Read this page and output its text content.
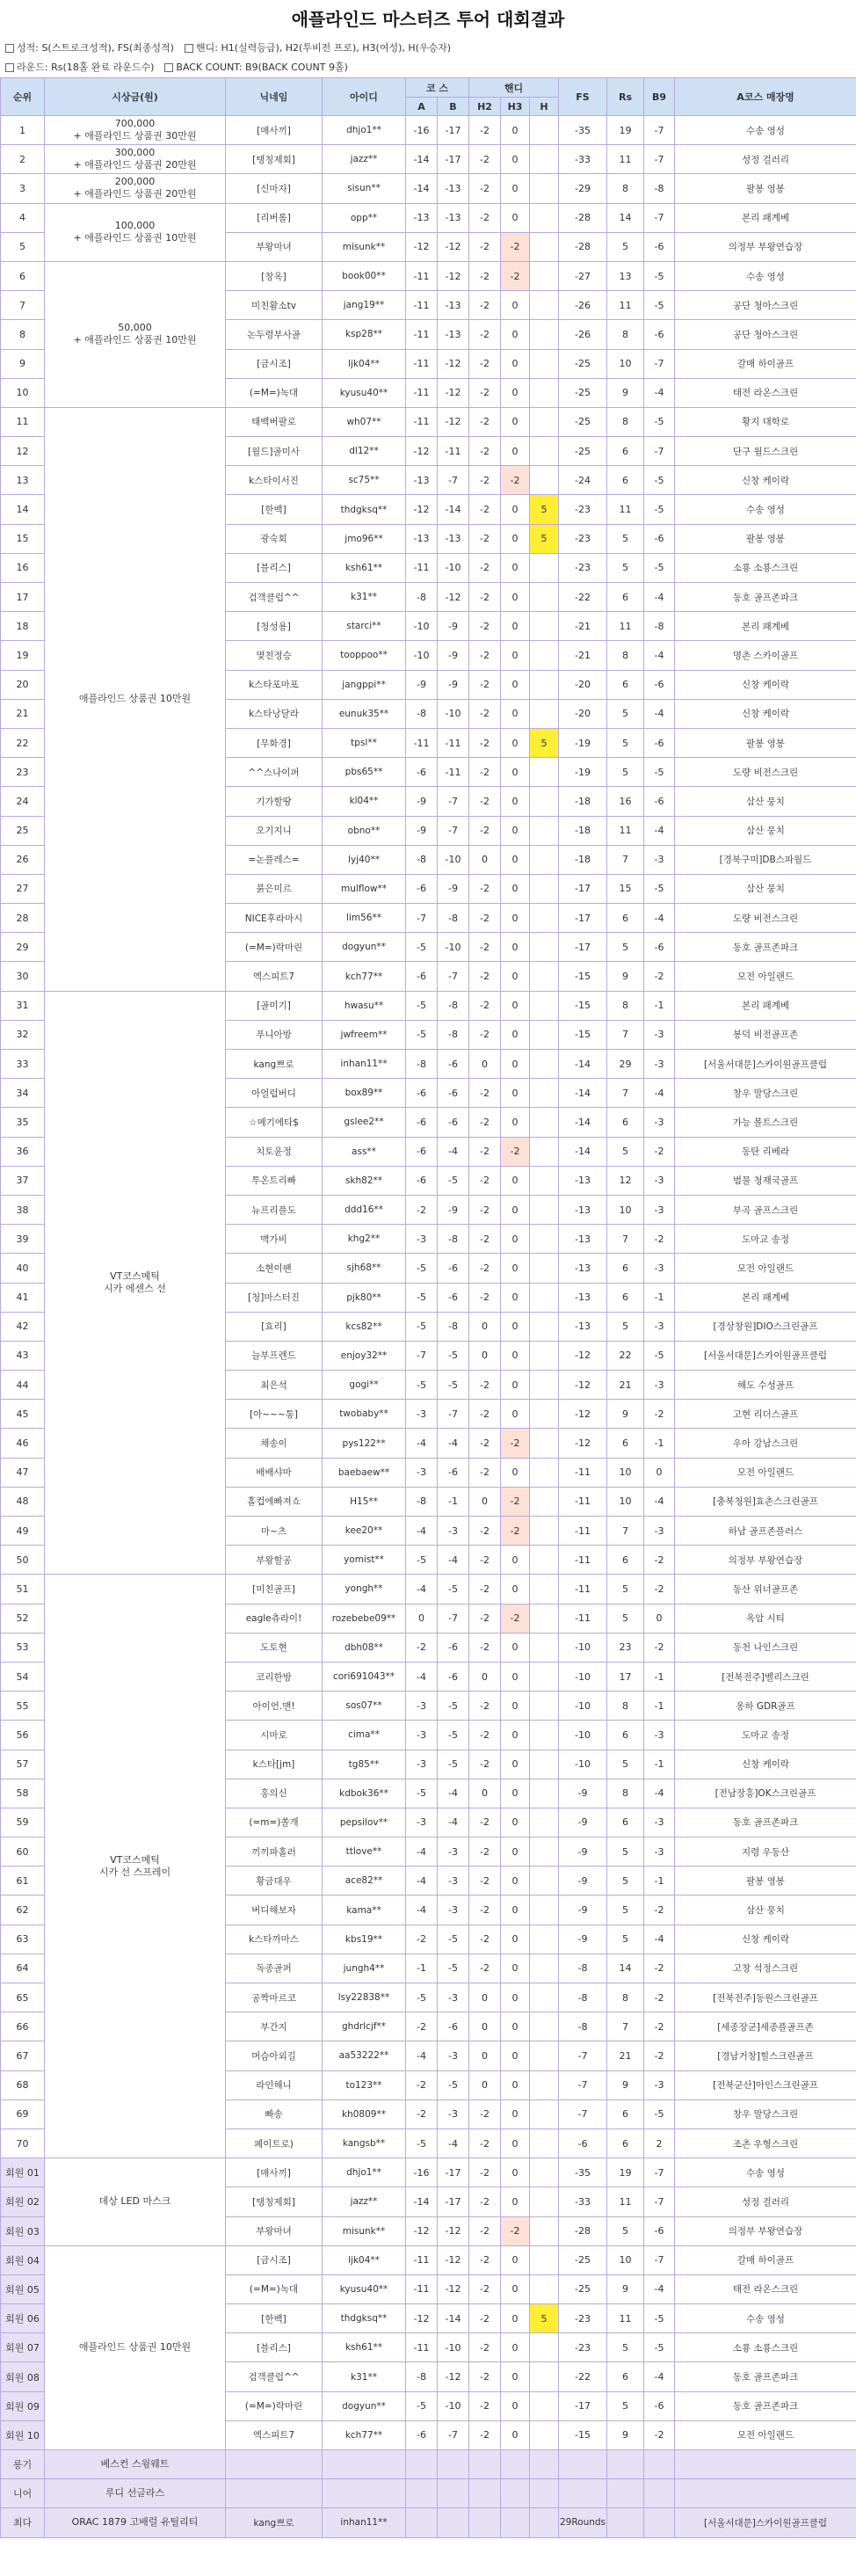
애플라인드 마스터즈 투어 대회결과
성적: S(스트로크성적), FS(최종성적) 핸디: H1(실력등급), H2(투비전 프로), H3(여성), H(우승자)
라운드: Rs(18홀 완료 라운드수) BACK COUNT: B9(BACK COUNT 9홀)
순위	시상금(원)	닉네임	아이디	코 스		핸디			FS	Rs	B9	A코스 매장명
				A	B	H2	H3	H				
1	700,000
+ 애플라인드 상품권 30만원	[매사끼]	dhjo1**	-16	-17	-2	0		-35	19	-7	수송 영성
2	300,000
+ 애플라인드 상품권 20만원	[탱칭제회]	jazz**	-14	-17	-2	0		-33	11	-7	성정 걸러리
3	200,000
+ 애플라인드 상품권 20만원	[신마자]	sisun**	-14	-13	-2	0		-29	8	-8	팔봉 영봉
4	100,000
+ 애플라인드 상품권 10만원	[리버롤]	opp**	-13	-13	-2	0		-28	14	-7	본리 패계베
5		부왕마녀	misunk**	-12	-12	-2	-2		-28	5	-6	의정부 부왕연습장
6	50,000
+ 애플라인드 상품권 10만원	[창옥]	book00**	-11	-12	-2	-2		-27	13	-5	수송 영성
7		미친활소tv	jang19**	-11	-13	-2	0		-26	11	-5	공단 청아스크린
8		논두렁부사골	ksp28**	-11	-13	-2	0		-26	8	-6	공단 청아스크린
9		[금시조]	ljk04**	-11	-12	-2	0		-25	10	-7	갈매 하이골프
10		(=M=)녹대	kyusu40**	-11	-12	-2	0		-25	9	-4	태전 라온스크린
11	애플라인드 상품권 10만원	태백버팔로	wh07**	-11	-12	-2	0		-25	8	-5	황지 대학로
12		[월드]골미사	dl12**	-12	-11	-2	0		-25	6	-7	단구 월드스크린
13		k스타이서진	sc75**	-13	-7	-2	-2		-24	6	-5	신창 케이락
14		[한백]	thdgksq**	-12	-14	-2	0	5	-23	11	-5	수송 영성
15		광숙회	jmo96**	-13	-13	-2	0	5	-23	5	-6	팔봉 영봉
16		[블리스]	ksh61**	-11	-10	-2	0		-23	5	-5	소룡 소룡스크린
17		검객클럽^^	k31**	-8	-12	-2	0		-22	6	-4	동호 골프존파크
18		[청성용]	starci**	-10	-9	-2	0		-21	11	-8	본리 패계베
19		몇친정승	tooppoo**	-10	-9	-2	0		-21	8	-4	명촌 스카이골프
20		k스타포마포	jangppi**	-9	-9	-2	0		-20	6	-6	신창 케이락
21		k스타낭달라	eunuk35**	-8	-10	-2	0		-20	5	-4	신창 케이락
22		[무화경]	tpsl**	-11	-11	-2	0	5	-19	5	-6	팔봉 영봉
23		^^스나이퍼	pbs65**	-6	-11	-2	0		-19	5	-5	도량 비전스크린
24		기가할땅	kl04**	-9	-7	-2	0		-18	16	-6	삼산 뭉치
25		오기지니	obno**	-9	-7	-2	0		-18	11	-4	삼산 뭉치
26		=논플레스=	lyj40**	-8	-10	0	0		-18	7	-3	[경북구미]DB스파월드
27		붉은미르	mulflow**	-6	-9	-2	0		-17	15	-5	삼산 뭉치
28		NICE후라마시	lim56**	-7	-8	-2	0		-17	6	-4	도량 비전스크린
29		(=M=)락마린	dogyun**	-5	-10	-2	0		-17	5	-6	동호 골프존파크
30		엑스피트7	kch77**	-6	-7	-2	0		-15	9	-2	모전 아일랜드
31	VT코스메틱
시카 에센스 선	[골미기]	hwasu**	-5	-8	-2	0		-15	8	-1	본리 패계베
32		푸니아방	jwfreem**	-5	-8	-2	0		-15	7	-3	봉덕 비전골프존
33		kang쁘로	inhan11**	-8	-6	0	0		-14	29	-3	[서울서대문]스카이원골프클럽
34		아얼럽버디	box89**	-6	-6	-2	0		-14	7	-4	창우 말당스크린
35		☆메기에타$	gslee2**	-6	-6	-2	0		-14	6	-3	가능 볼트스크린
36		치토윤정	ass**	-6	-4	-2	-2		-14	5	-2	동탄 리베라
37		투온트리빠	skh82**	-6	-5	-2	0		-13	12	-3	범물 청재국골프
38		뉴프리플도	ddd16**	-2	-9	-2	0		-13	10	-3	부곡 골프스크린
39		맥가비	khg2**	-3	-8	-2	0		-13	7	-2	도마교 송정
40		소현이팬	sjh68**	-5	-6	-2	0		-13	6	-3	모전 아일랜드
41		[청]마스터진	pjk80**	-5	-6	-2	0		-13	6	-1	본리 패계베
42		[효리]	kcs82**	-5	-8	0	0		-13	5	-3	[경상창원]DIO스크린골프
43		늘부프렌드	enjoy32**	-7	-5	0	0		-12	22	-5	[서울서대문]스카이원골프클럽
44		최은석	gogi**	-5	-5	-2	0		-12	21	-3	해도 수성골프
45		[아~~~통]	twobaby**	-3	-7	-2	0		-12	9	-2	고현 리더스골프
46		채송이	pys122**	-4	-4	-2	-2		-12	6	-1	우아 강남스크린
47		배배샤마	baebaew**	-3	-6	-2	0		-11	10	0	모전 아일랜드
48		홀컵에빠져쇼	H15**	-8	-1	0	-2		-11	10	-4	[충북청원]효촌스크린골프
49		마~츠	kee20**	-4	-3	-2	-2		-11	7	-3	하남 골프존플러스
50		부왕할공	yomist**	-5	-4	-2	0		-11	6	-2	의정부 부왕연습장
51	VT코스메틱
시카 선 스프레이	[미친골프]	yongh**	-4	-5	-2	0		-11	5	-2	동산 위너골프존
52		eagle츄라이!	rozebebe09**	0	-7	-2	-2		-11	5	0	옥암 시티
53		도토현	dbh08**	-2	-6	-2	0		-10	23	-2	동천 나인스크린
54		코리한방	cori691043**	-4	-6	0	0		-10	17	-1	[전북전주]벨리스크린
55		아이언.맨!	sos07**	-3	-5	-2	0		-10	8	-1	옹하 GDR골프
56		시마로	cima**	-3	-5	-2	0		-10	6	-3	도마교 송정
57		k스타[jm]	tg85**	-3	-5	-2	0		-10	5	-1	신창 케이락
58		홍의신	kdbok36**	-5	-4	0	0		-9	8	-4	[전남장흥]OK스크린골프
59		(=m=)쏠개	pepsilov**	-3	-4	-2	0		-9	6	-3	동호 골프존파크
60		끼끼파홀러	ttlove**	-4	-3	-2	0		-9	5	-3	지령 우동산
61		황금대우	ace82**	-4	-3	-2	0		-9	5	-1	팔봉 영봉
62		버디해보자	kama**	-4	-3	-2	0		-9	5	-2	삼산 뭉치
63		k스타까마스	kbs19**	-2	-5	-2	0		-9	5	-4	신창 케이락
64		독종골퍼	jungh4**	-1	-5	-2	0		-8	14	-2	고창 석정스크린
65		공짝마르코	lsy22838**	-5	-3	0	0		-8	8	-2	[전북전주]동원스크린골프
66		부간지	ghdrlcjf**	-2	-6	0	0		-8	7	-2	[세종장군]세종플골프존
67		머슴아외길	aa53222**	-4	-3	0	0		-7	21	-2	[경남거창]힐스크린골프
68		라인해니	to123**	-2	-5	0	0		-7	9	-3	[전북군산]아인스크린골프
69		빠송	kh0809**	-2	-3	-2	0		-7	6	-5	창우 말당스크린
70		페이트로)	kangsb**	-5	-4	-2	0		-6	6	2	조촌 우형스크린
회원 01	데상 LED 마스크	[매사끼]	dhjo1**	-16	-17	-2	0		-35	19	-7	수송 영성
회원 02		[탱칭제회]	jazz**	-14	-17	-2	0		-33	11	-7	성정 걸러리
회원 03		부왕마녀	misunk**	-12	-12	-2	-2		-28	5	-6	의정부 부왕연습장
회원 04	애플라인드 상품권 10만원	[금시조]	ljk04**	-11	-12	-2	0		-25	10	-7	갈매 하이골프
회원 05		(=M=)녹대	kyusu40**	-11	-12	-2	0		-25	9	-4	태전 라온스크린
회원 06		[한백]	thdgksq**	-12	-14	-2	0	5	-23	11	-5	수송 영성
회원 07		[블리스]	ksh61**	-11	-10	-2	0		-23	5	-5	소룡 소룡스크린
회원 08		검객클럽^^	k31**	-8	-12	-2	0		-22	6	-4	동호 골프존파크
회원 09		(=M=)락마린	dogyun**	-5	-10	-2	0		-17	5	-6	동호 골프존파크
회원 10		엑스피트7	kch77**	-6	-7	-2	0		-15	9	-2	모전 아일랜드
롱기	베스컨 스윙웨트											
니어	루디 선글라스											
최다	ORAC 1879 고배럴 유틸리티	kang쁘로	inhan11**						29Rounds			[서울서대문]스카이원골프클럽
